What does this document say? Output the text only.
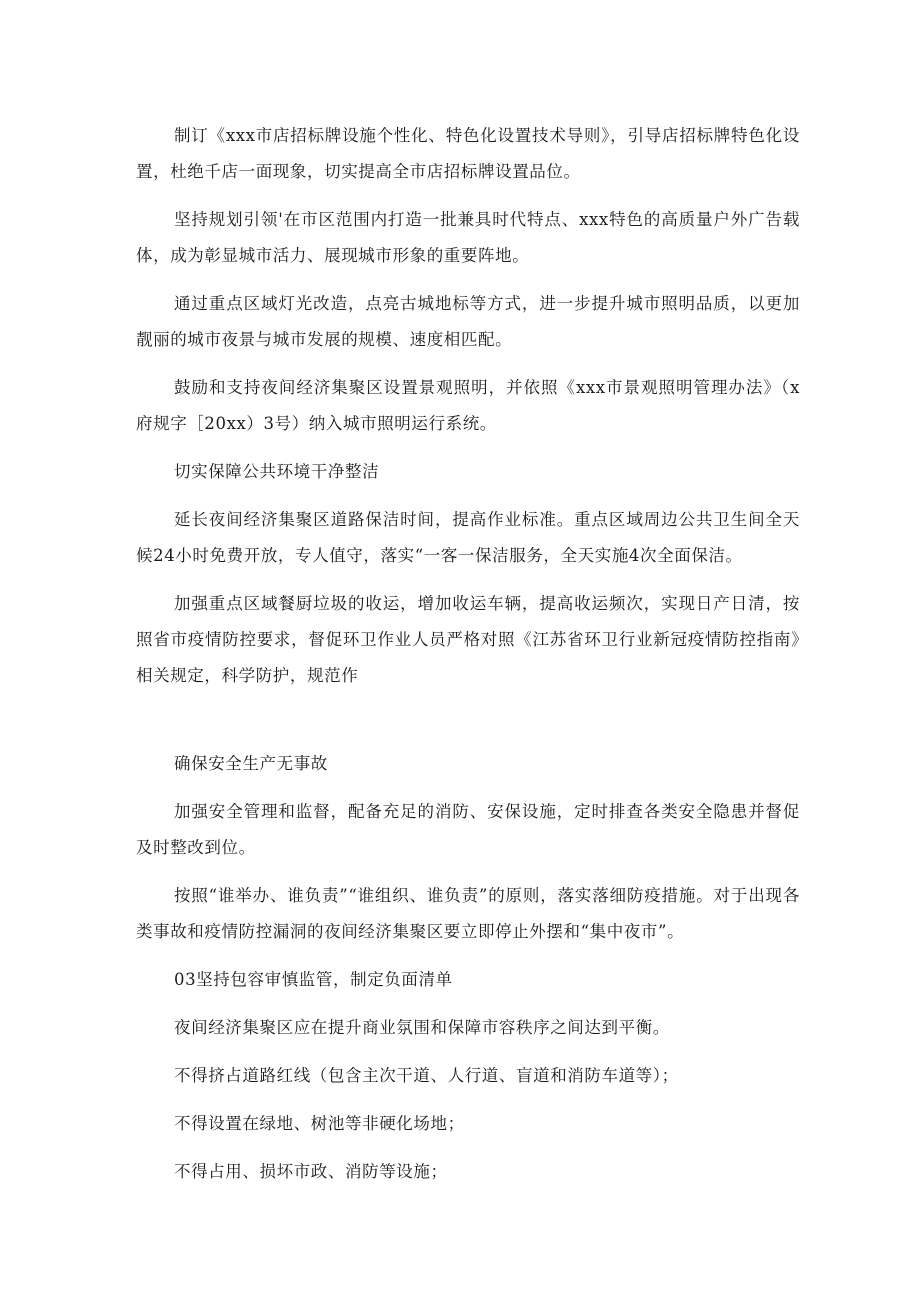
制订《xxx市店招标牌设施个性化、特色化设置技术导则》，引导店招标牌特色化设置，杜绝千店一面现象，切实提高全市店招标牌设置品位。

坚持规划引领'在市区范围内打造一批兼具时代特点、xxx特色的高质量户外广告载体，成为彰显城市活力、展现城市形象的重要阵地。

通过重点区域灯光改造，点亮古城地标等方式，进一步提升城市照明品质，以更加靓丽的城市夜景与城市发展的规模、速度相匹配。

鼓励和支持夜间经济集聚区设置景观照明，并依照《xxx市景观照明管理办法》（x府规字［20xx）3号）纳入城市照明运行系统。

切实保障公共环境干净整洁

延长夜间经济集聚区道路保洁时间，提高作业标准。重点区域周边公共卫生间全天候24小时免费开放，专人值守，落实“一客一保洁服务，全天实施4次全面保洁。

加强重点区域餐厨垃圾的收运，增加收运车辆，提高收运频次，实现日产日清，按照省市疫情防控要求，督促环卫作业人员严格对照《江苏省环卫行业新冠疫情防控指南》相关规定，科学防护，规范作

确保安全生产无事故

加强安全管理和监督，配备充足的消防、安保设施，定时排查各类安全隐患并督促及时整改到位。

按照“谁举办、谁负责”“谁组织、谁负责”的原则，落实落细防疫措施。对于出现各类事故和疫情防控漏洞的夜间经济集聚区要立即停止外摆和“集中夜市”。

03坚持包容审慎监管，制定负面清单

夜间经济集聚区应在提升商业氛围和保障市容秩序之间达到平衡。

不得挤占道路红线（包含主次干道、人行道、盲道和消防车道等）；

不得设置在绿地、树池等非硬化场地；

不得占用、损坏市政、消防等设施；
